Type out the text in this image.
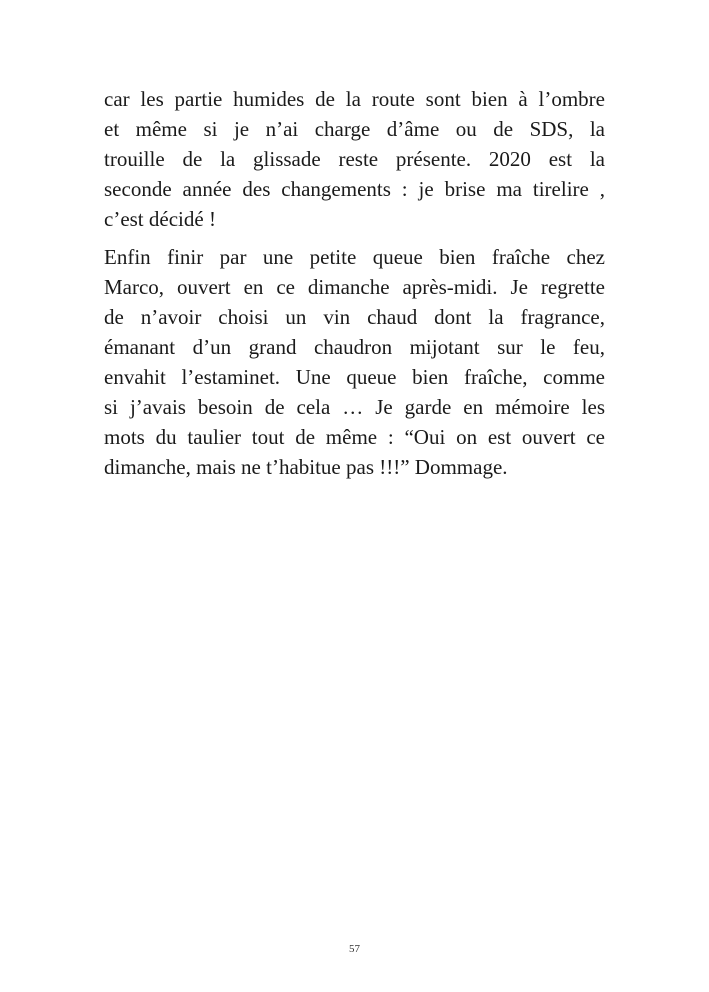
car les partie humides de la route sont bien à l’ombre
et même si je n’ai charge d’âme ou de SDS, la
trouille de la glissade reste présente. 2020 est la
seconde année des changements : je brise ma tirelire ,
c’est décidé !

Enfin finir par une petite queue bien fraîche chez
Marco, ouvert en ce dimanche après-midi. Je regrette
de n’avoir choisi un vin chaud dont la fragrance,
émanant d’un grand chaudron mijotant sur le feu,
envahit l’estaminet. Une queue bien fraîche, comme
si j’avais besoin de cela … Je garde en mémoire les
mots du taulier tout de même : “Oui on est ouvert ce
dimanche, mais ne t’habitue pas !!!” Dommage.

57
